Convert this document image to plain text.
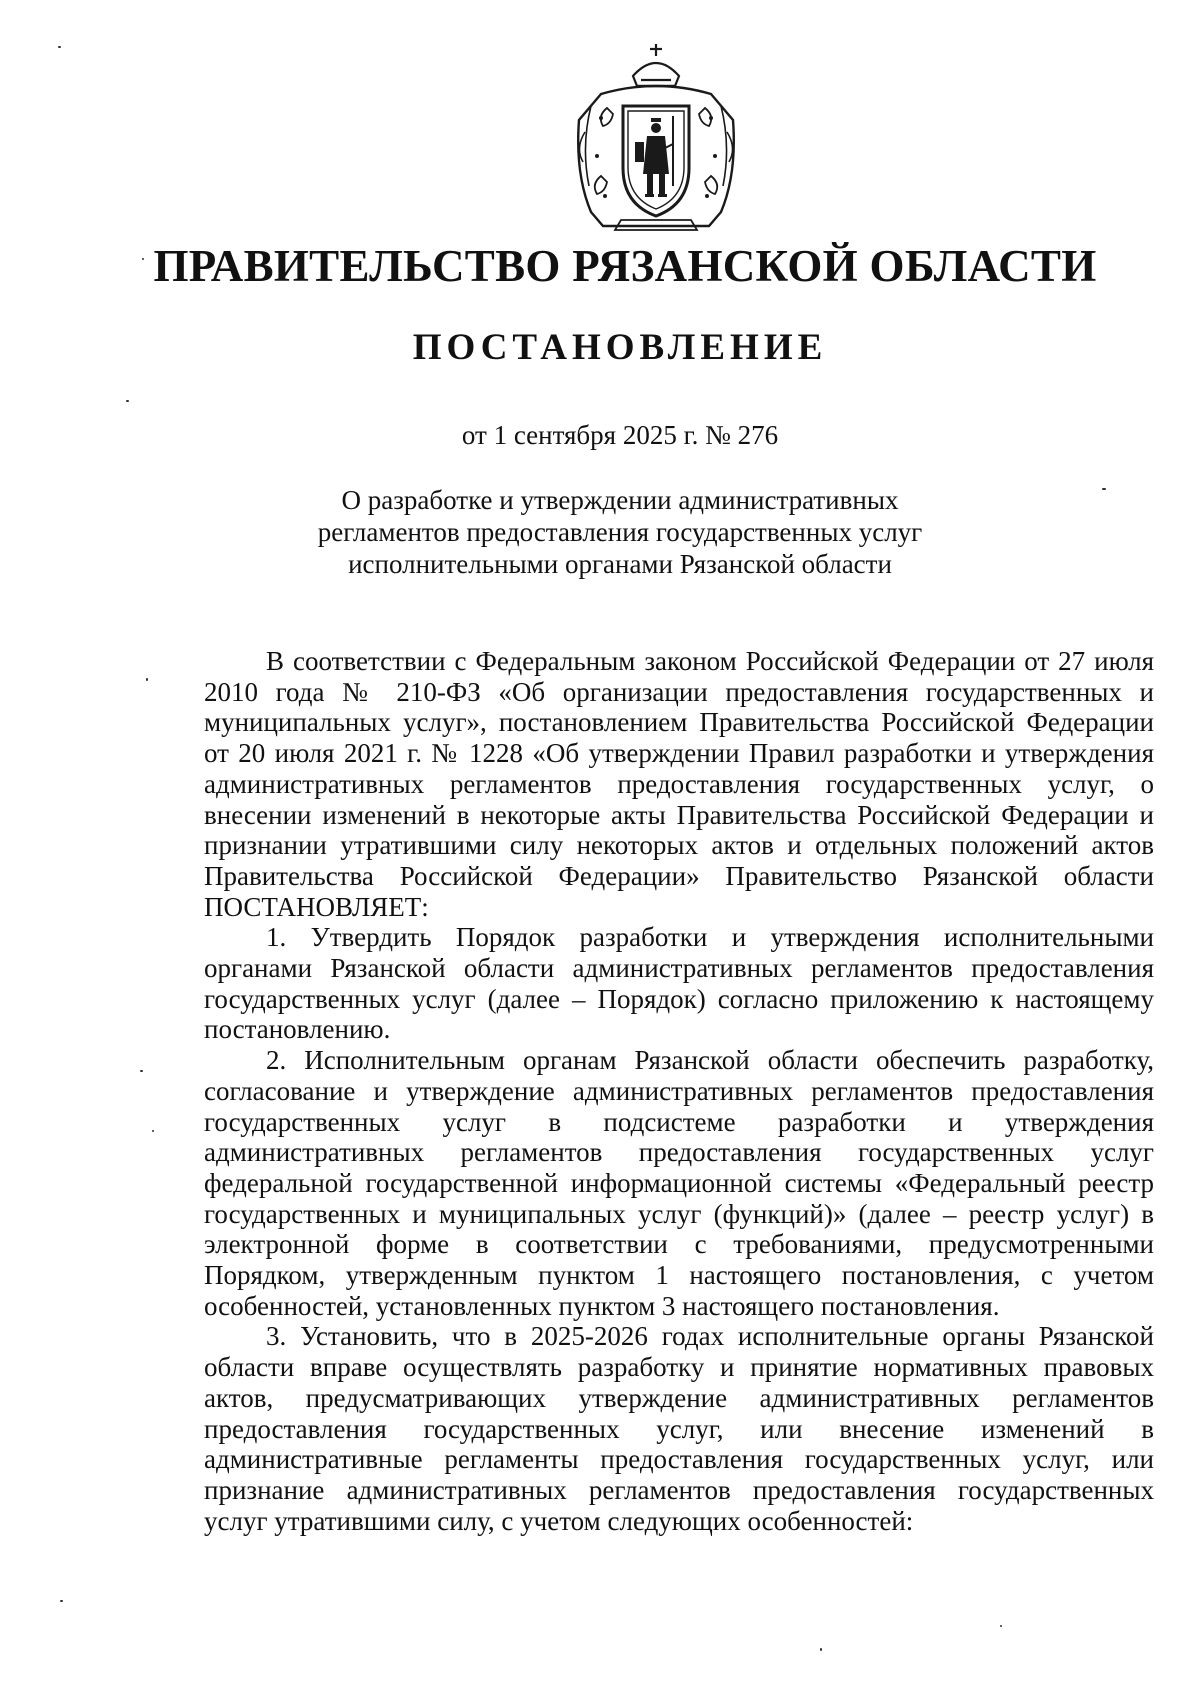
ПРАВИТЕЛЬСТВО РЯЗАНСКОЙ ОБЛАСТИ
ПОСТАНОВЛЕНИЕ
от 1 сентября 2025 г. № 276
О разработке и утверждении административных регламентов предоставления государственных услуг исполнительными органами Рязанской области

В соответствии с Федеральным законом Российской Федерации от 27 июля 2010 года № 210-ФЗ «Об организации предоставления государственных и муниципальных услуг», постановлением Правительства Российской Федерации от 20 июля 2021 г. № 1228 «Об утверждении Правил разработки и утверждения административных регламентов предоставления государственных услуг, о внесении изменений в некоторые акты Правительства Российской Федерации и признании утратившими силу некоторых актов и отдельных положений актов Правительства Российской Федерации» Правительство Рязанской области ПОСТАНОВЛЯЕТ:

1. Утвердить Порядок разработки и утверждения исполнительными органами Рязанской области административных регламентов предоставления государственных услуг (далее – Порядок) согласно приложению к настоящему постановлению.

2. Исполнительным органам Рязанской области обеспечить разработку, согласование и утверждение административных регламентов предоставления государственных услуг в подсистеме разработки и утверждения административных регламентов предоставления государственных услуг федеральной государственной информационной системы «Федеральный реестр государственных и муниципальных услуг (функций)» (далее – реестр услуг) в электронной форме в соответствии с требованиями, предусмотренными Порядком, утвержденным пунктом 1 настоящего постановления, с учетом особенностей, установленных пунктом 3 настоящего постановления.

3. Установить, что в 2025-2026 годах исполнительные органы Рязанской области вправе осуществлять разработку и принятие нормативных правовых актов, предусматривающих утверждение административных регламентов предоставления государственных услуг, или внесение изменений в административные регламенты предоставления государственных услуг, или признание административных регламентов предоставления государственных услуг утратившими силу, с учетом следующих особенностей:
